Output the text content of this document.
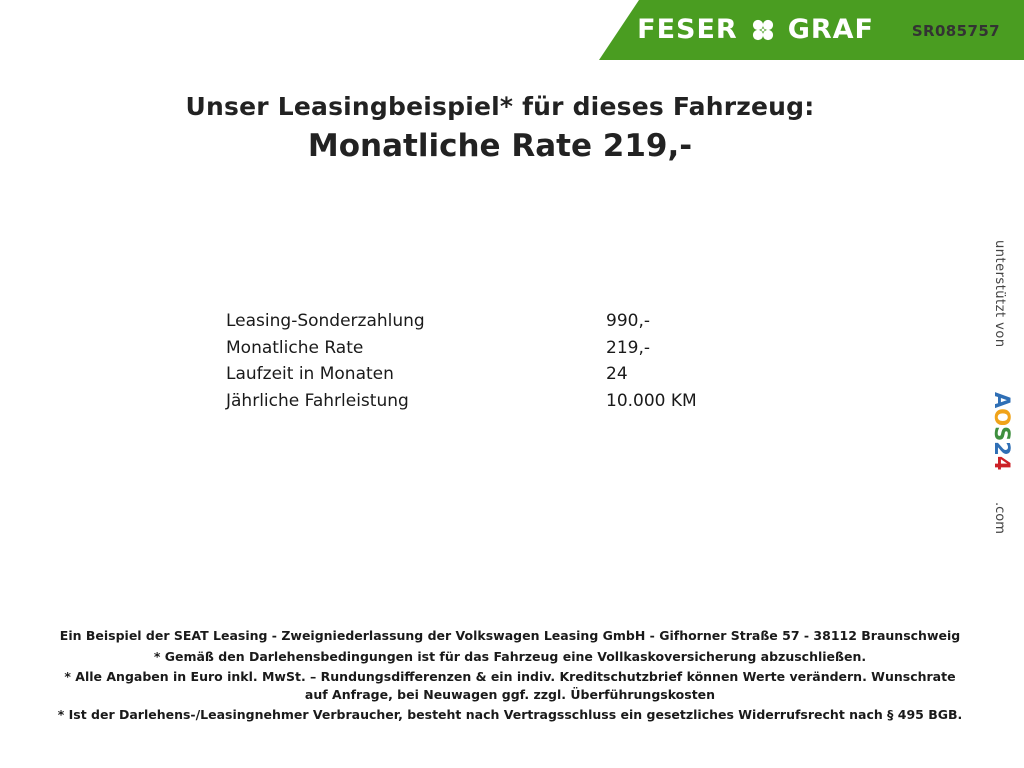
FESER GRAF	SR085757
Unser Leasingbeispiel* für dieses Fahrzeug:
Monatliche Rate 219,-
Leasing-Sonderzahlung	990,-
Monatliche Rate	219,-
Laufzeit in Monaten	24
Jährliche Fahrleistung	10.000 KM
unterstützt von
AOS24
.com

Ein Beispiel der SEAT Leasing - Zweigniederlassung der Volkswagen Leasing GmbH - Gifhorner Straße 57 - 38112 Braunschweig

* Gemäß den Darlehensbedingungen ist für das Fahrzeug eine Vollkaskoversicherung abzuschließen.

* Alle Angaben in Euro inkl. MwSt. – Rundungsdifferenzen & ein indiv. Kreditschutzbrief können Werte verändern. Wunschrate auf Anfrage, bei Neuwagen ggf. zzgl. Überführungskosten

* Ist der Darlehens-/Leasingnehmer Verbraucher, besteht nach Vertragsschluss ein gesetzliches Widerrufsrecht nach § 495 BGB.
